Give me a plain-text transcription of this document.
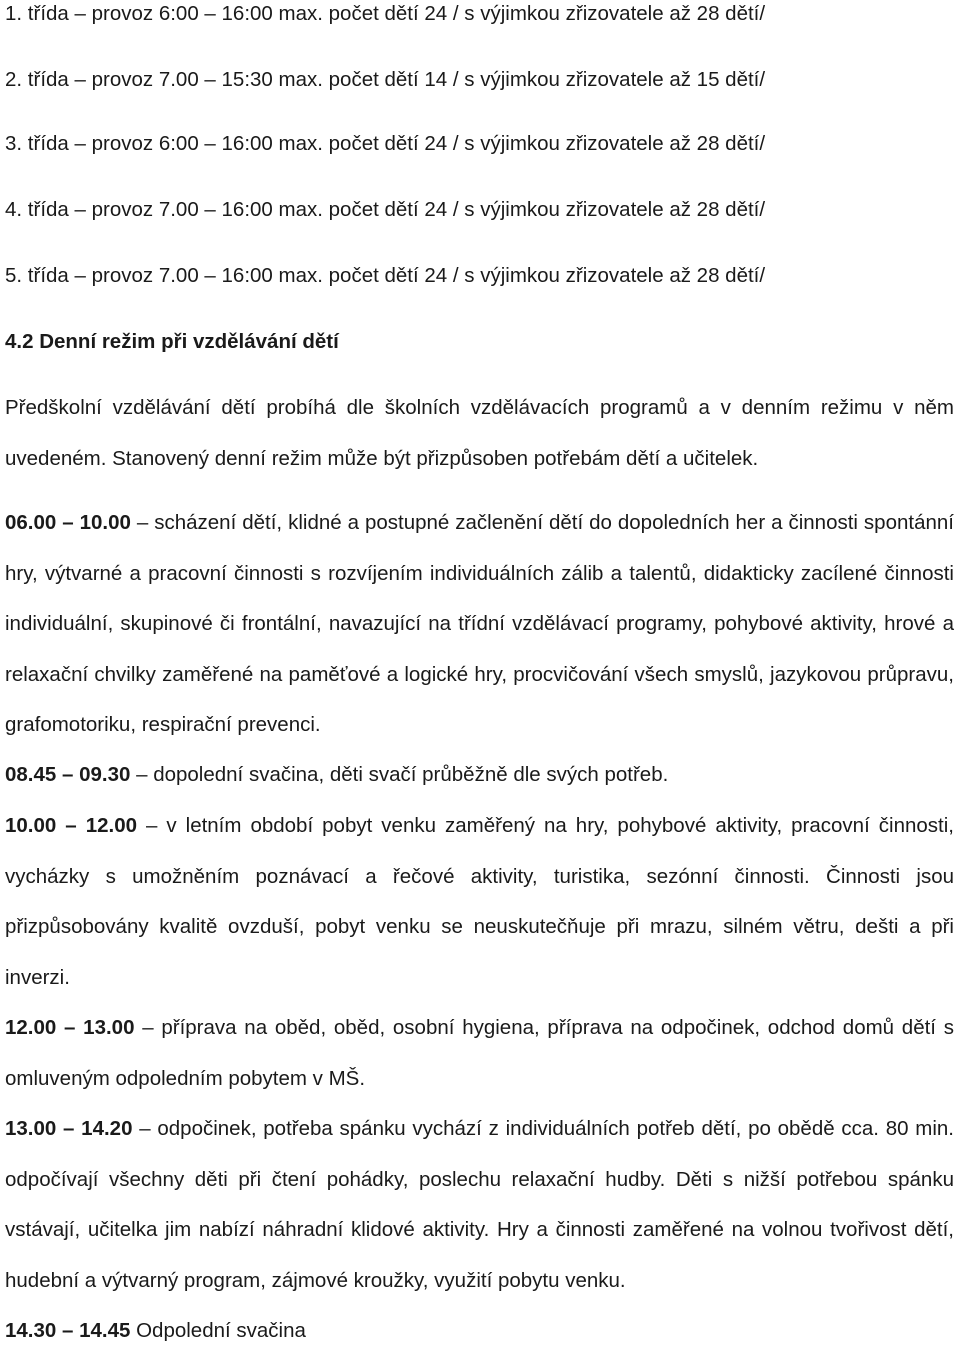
1. třída – provoz 6:00 – 16:00 max. počet dětí 24 / s výjimkou zřizovatele až 28 dětí/
2. třída – provoz 7.00 – 15:30 max. počet dětí 14 / s výjimkou zřizovatele až 15 dětí/
3. třída – provoz 6:00 – 16:00 max. počet dětí 24 / s výjimkou zřizovatele až 28 dětí/
4. třída – provoz 7.00 – 16:00 max. počet dětí 24 / s výjimkou zřizovatele až 28 dětí/
5. třída – provoz 7.00 – 16:00 max. počet dětí 24 / s výjimkou zřizovatele až 28 dětí/
4.2 Denní režim při vzdělávání dětí
Předškolní vzdělávání dětí probíhá dle školních vzdělávacích programů a v denním režimu v něm uvedeném. Stanovený denní režim může být přizpůsoben potřebám dětí a učitelek.
06.00 – 10.00 – scházení dětí, klidné a postupné začlenění dětí do dopoledních her a činnosti spontánní hry, výtvarné a pracovní činnosti s rozvíjením individuálních zálib a talentů, didakticky zacílené činnosti individuální, skupinové či frontální, navazující na třídní vzdělávací programy, pohybové aktivity, hrové a relaxační chvilky zaměřené na paměťové a logické hry, procvičování všech smyslů, jazykovou průpravu, grafomotoriku, respirační prevenci.
08.45 – 09.30 – dopolední svačina, děti svačí průběžně dle svých potřeb.
10.00 – 12.00 – v letním období pobyt venku zaměřený na hry, pohybové aktivity, pracovní činnosti, vycházky s umožněním poznávací a řečové aktivity, turistika, sezónní činnosti. Činnosti jsou přizpůsobovány kvalitě ovzduší, pobyt venku se neuskutečňuje při mrazu, silném větru, dešti a při inverzi.
12.00 – 13.00 – příprava na oběd, oběd, osobní hygiena, příprava na odpočinek, odchod domů dětí s omluveným odpoledním pobytem v MŠ.
13.00 – 14.20 – odpočinek, potřeba spánku vychází z individuálních potřeb dětí, po obědě cca. 80 min. odpočívají všechny děti při čtení pohádky, poslechu relaxační hudby. Děti s nižší potřebou spánku vstávají, učitelka jim nabízí náhradní klidové aktivity. Hry a činnosti zaměřené na volnou tvořivost dětí, hudební a výtvarný program, zájmové kroužky, využití pobytu venku.
14.30 – 14.45 Odpolední svačina
